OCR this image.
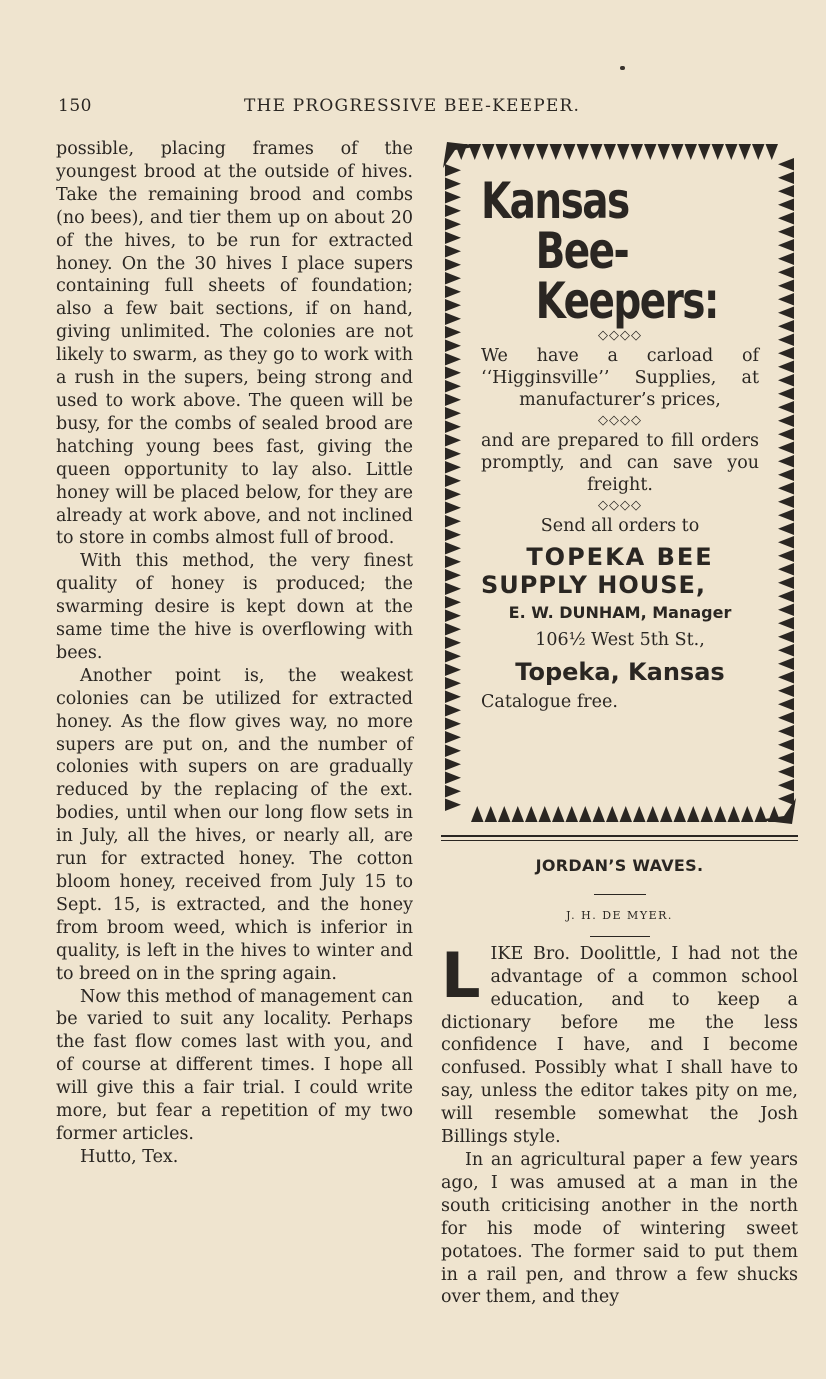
150	THE PROGRESSIVE BEE-KEEPER.

possible, placing frames of the youngest brood at the outside of hives. Take the remaining brood and combs (no bees), and tier them up on about 20 of the hives, to be run for extracted honey. On the 30 hives I place supers containing full sheets of foundation; also a few bait sections, if on hand, giving unlimited. The colonies are not likely to swarm, as they go to work with a rush in the supers, being strong and used to work above. The queen will be busy, for the combs of sealed brood are hatching young bees fast, giving the queen opportunity to lay also. Little honey will be placed below, for they are already at work above, and not inclined to store in combs almost full of brood.

With this method, the very finest quality of honey is produced; the swarming desire is kept down at the same time the hive is overflowing with bees.

Another point is, the weakest colonies can be utilized for extracted honey. As the flow gives way, no more supers are put on, and the number of colonies with supers on are gradually reduced by the replacing of the ext. bodies, until when our long flow sets in in July, all the hives, or nearly all, are run for extracted honey. The cotton bloom honey, received from July 15 to Sept. 15, is extracted, and the honey from broom weed, which is inferior in quality, is left in the hives to winter and to breed on in the spring again.

Now this method of management can be varied to suit any locality. Perhaps the fast flow comes last with you, and of course at different times. I hope all will give this a fair trial. I could write more, but fear a repetition of my two former articles.

Hutto, Tex.

Kansas
Bee-
Keepers:
◇◇◇◇
We have a carload of ‘‘Higginsville’’ Supplies, at manufacturer’s prices,
◇◇◇◇
and are prepared to fill orders promptly, and can save you freight.
◇◇◇◇
Send all orders to
TOPEKA BEE
SUPPLY HOUSE,
E. W. DUNHAM, Manager
106½ West 5th St.,
Topeka, Kansas
Catalogue free.
JORDAN’S WAVES.
J. H. DE MYER.

LIKE Bro. Doolittle, I had not the advantage of a common school education, and to keep a dictionary before me the less confidence I have, and I become confused. Possibly what I shall have to say, unless the editor takes pity on me, will resemble somewhat the Josh Billings style.

In an agricultural paper a few years ago, I was amused at a man in the south criticising another in the north for his mode of wintering sweet potatoes. The former said to put them in a rail pen, and throw a few shucks over them, and they
